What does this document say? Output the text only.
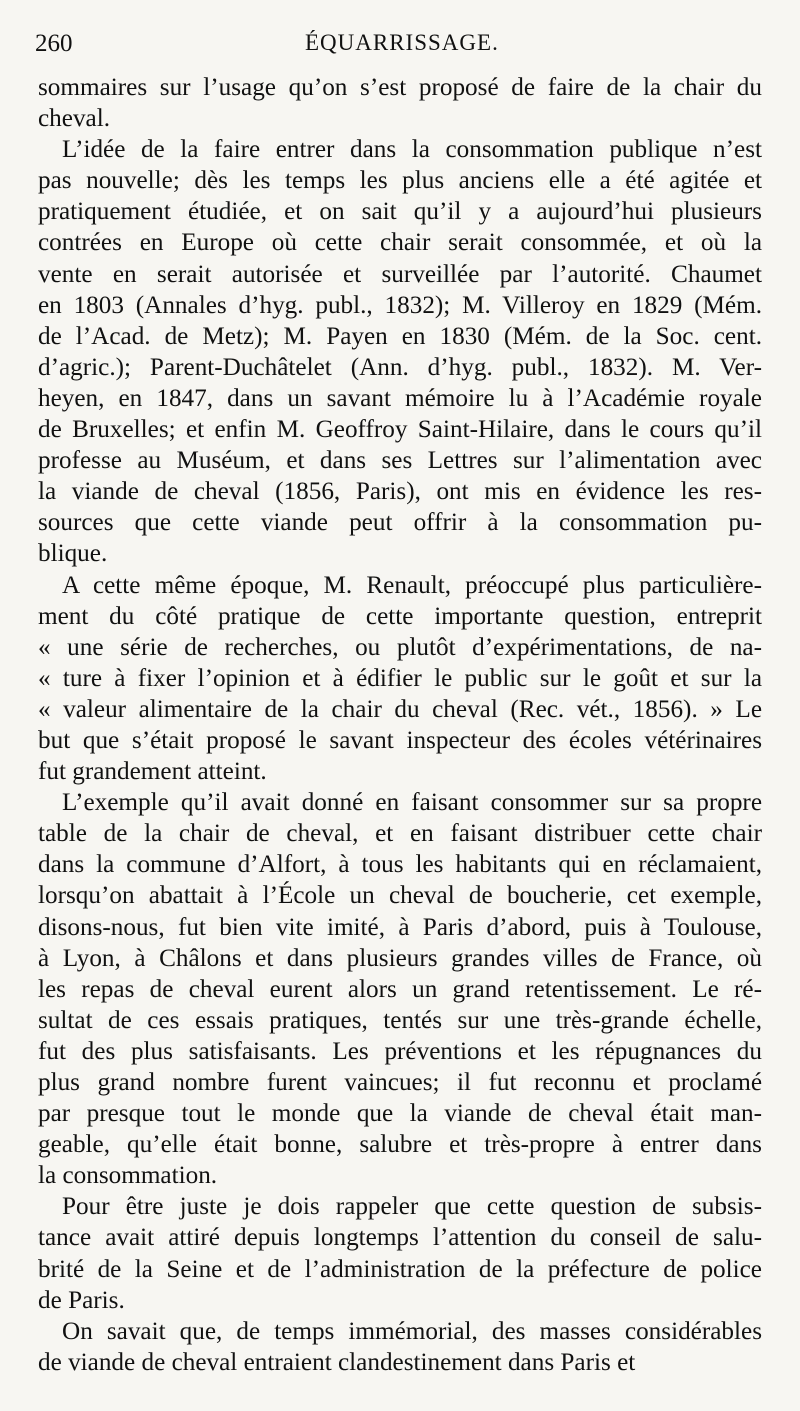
260	ÉQUARRISSAGE.
sommaires sur l’usage qu’on s’est proposé de faire de la chair du
cheval.
L’idée de la faire entrer dans la consommation publique n’est
pas nouvelle; dès les temps les plus anciens elle a été agitée et
pratiquement étudiée, et on sait qu’il y a aujourd’hui plusieurs
contrées en Europe où cette chair serait consommée, et où la
vente en serait autorisée et surveillée par l’autorité. Chaumet
en 1803 (Annales d’hyg. publ., 1832); M. Villeroy en 1829 (Mém.
de l’Acad. de Metz); M. Payen en 1830 (Mém. de la Soc. cent.
d’agric.); Parent-Duchâtelet (Ann. d’hyg. publ., 1832). M. Ver-
heyen, en 1847, dans un savant mémoire lu à l’Académie royale
de Bruxelles; et enfin M. Geoffroy Saint-Hilaire, dans le cours qu’il
professe au Muséum, et dans ses Lettres sur l’alimentation avec
la viande de cheval (1856, Paris), ont mis en évidence les res-
sources que cette viande peut offrir à la consommation pu-
blique.
A cette même époque, M. Renault, préoccupé plus particulière-
ment du côté pratique de cette importante question, entreprit
« une série de recherches, ou plutôt d’expérimentations, de na-
« ture à fixer l’opinion et à édifier le public sur le goût et sur la
« valeur alimentaire de la chair du cheval (Rec. vét., 1856). » Le
but que s’était proposé le savant inspecteur des écoles vétérinaires
fut grandement atteint.
L’exemple qu’il avait donné en faisant consommer sur sa propre
table de la chair de cheval, et en faisant distribuer cette chair
dans la commune d’Alfort, à tous les habitants qui en réclamaient,
lorsqu’on abattait à l’École un cheval de boucherie, cet exemple,
disons-nous, fut bien vite imité, à Paris d’abord, puis à Toulouse,
à Lyon, à Châlons et dans plusieurs grandes villes de France, où
les repas de cheval eurent alors un grand retentissement. Le ré-
sultat de ces essais pratiques, tentés sur une très-grande échelle,
fut des plus satisfaisants. Les préventions et les répugnances du
plus grand nombre furent vaincues; il fut reconnu et proclamé
par presque tout le monde que la viande de cheval était man-
geable, qu’elle était bonne, salubre et très-propre à entrer dans
la consommation.
Pour être juste je dois rappeler que cette question de subsis-
tance avait attiré depuis longtemps l’attention du conseil de salu-
brité de la Seine et de l’administration de la préfecture de police
de Paris.
On savait que, de temps immémorial, des masses considérables
de viande de cheval entraient clandestinement dans Paris et
